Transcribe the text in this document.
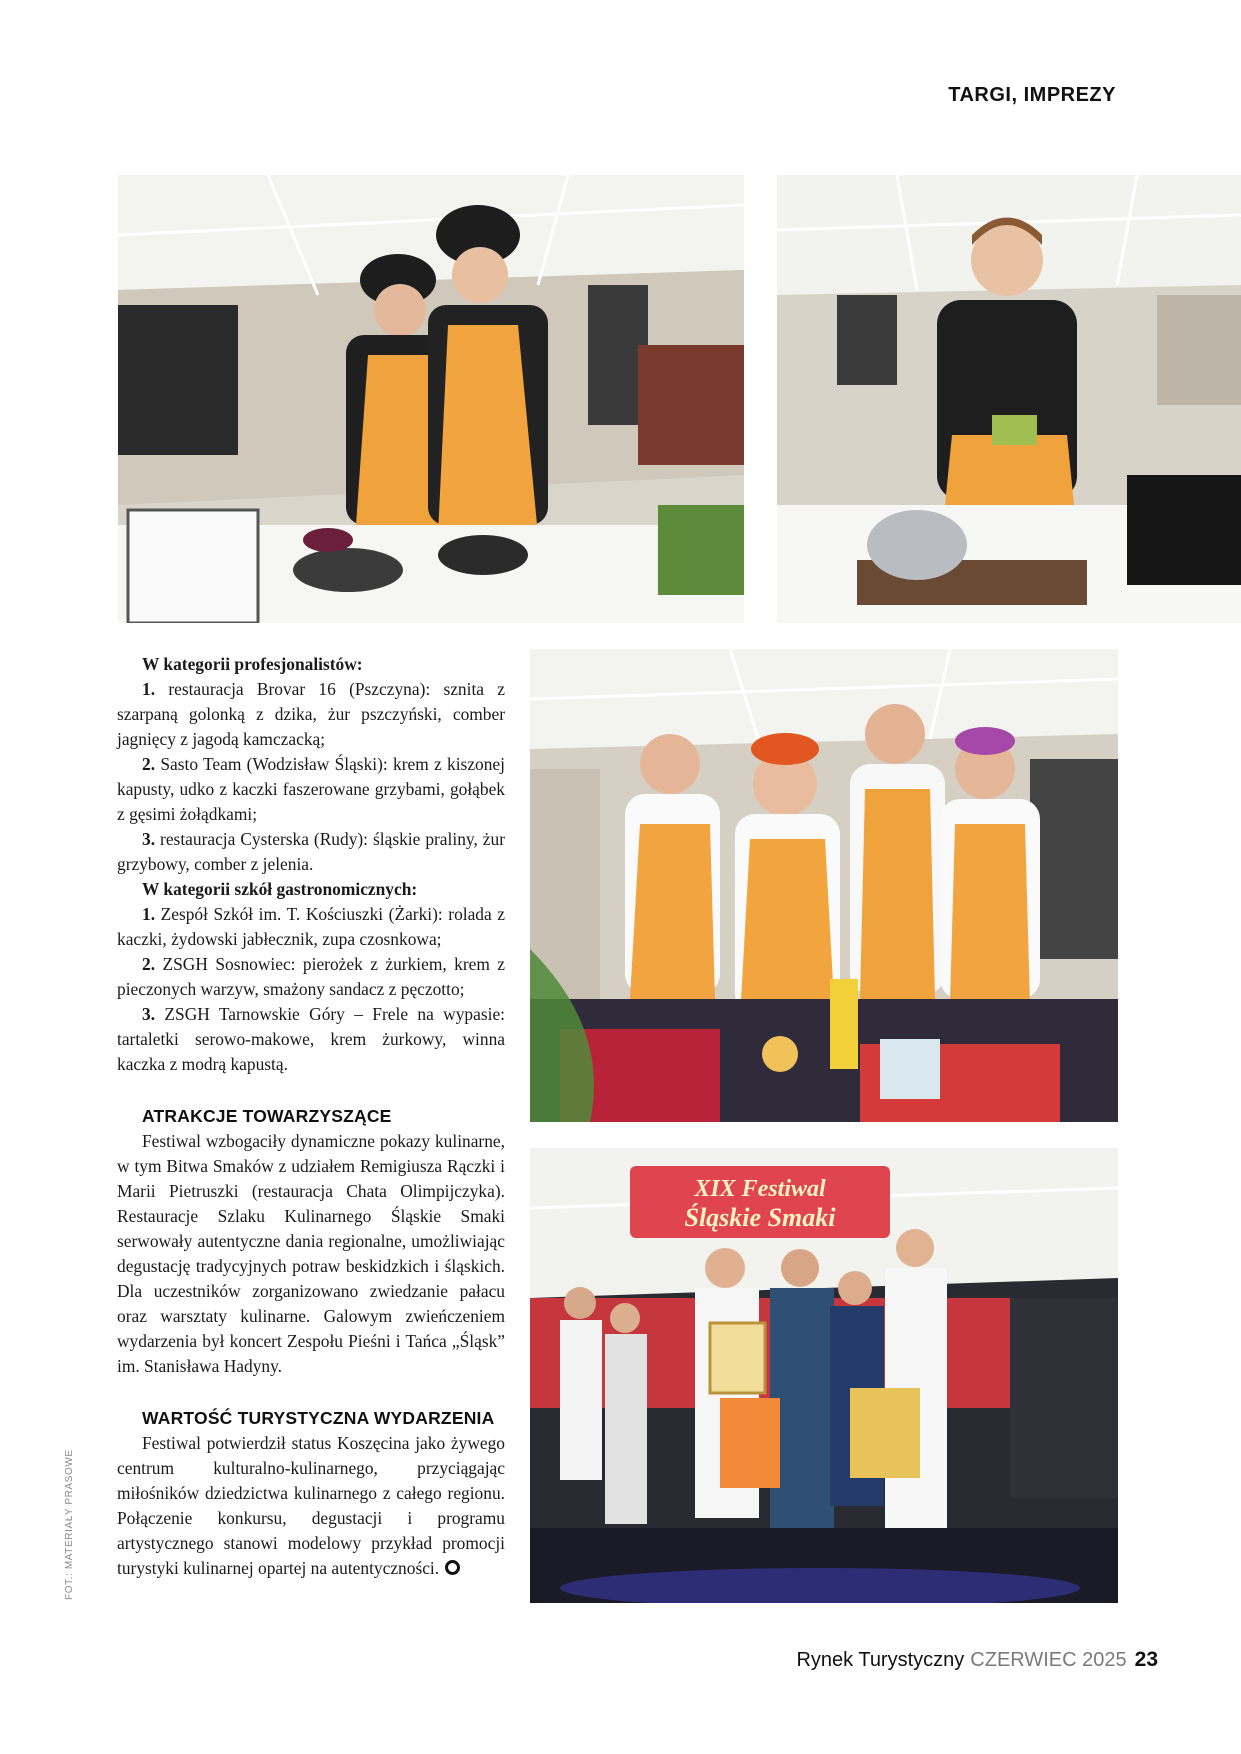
TARGI, IMPREZY
XIX Festiwal
Śląskie Smaki

W kategorii profesjonalistów:

1. restauracja Brovar 16 (Pszczyna): sznita z szarpaną golonką z dzika, żur pszczyński, comber jagnięcy z jagodą kamczacką;

2. Sasto Team (Wodzisław Śląski): krem z kiszonej kapusty, udko z kaczki faszerowane grzybami, gołąbek z gęsimi żołądkami;

3. restauracja Cysterska (Rudy): śląskie praliny, żur grzybowy, comber z jelenia.

W kategorii szkół gastronomicznych:

1. Zespół Szkół im. T. Kościuszki (Żarki): rolada z kaczki, żydowski jabłecznik, zupa czosnkowa;

2. ZSGH Sosnowiec: pierożek z żurkiem, krem z pieczonych warzyw, smażony sandacz z pęczotto;

3. ZSGH Tarnowskie Góry – Frele na wypasie: tartaletki serowo-makowe, krem żurkowy, winna kaczka z modrą kapustą.

ATRAKCJE TOWARZYSZĄCE

Festiwal wzbogaciły dynamiczne pokazy kulinarne, w tym Bitwa Smaków z udziałem Remigiusza Rączki i Marii Pietruszki (restauracja Chata Olimpijczyka). Restauracje Szlaku Kulinarnego Śląskie Smaki serwowały autentyczne dania regionalne, umożliwiając degustację tradycyjnych potraw beskidzkich i śląskich. Dla uczestników zorganizowano zwiedzanie pałacu oraz warsztaty kulinarne. Galowym zwieńczeniem wydarzenia był koncert Zespołu Pieśni i Tańca „Śląsk” im. Stanisława Hadyny.

WARTOŚĆ TURYSTYCZNA WYDARZENIA

Festiwal potwierdził status Koszęcina jako żywego centrum kulturalno-kulinarnego, przyciągając miłośników dziedzictwa kulinarnego z całego regionu. Połączenie konkursu, degustacji i programu artystycznego stanowi modelowy przykład promocji turystyki kulinarnej opartej na autentyczności.

FOT.: MATERIAŁY PRASOWE
Rynek Turystyczny CZERWIEC 2025 23
